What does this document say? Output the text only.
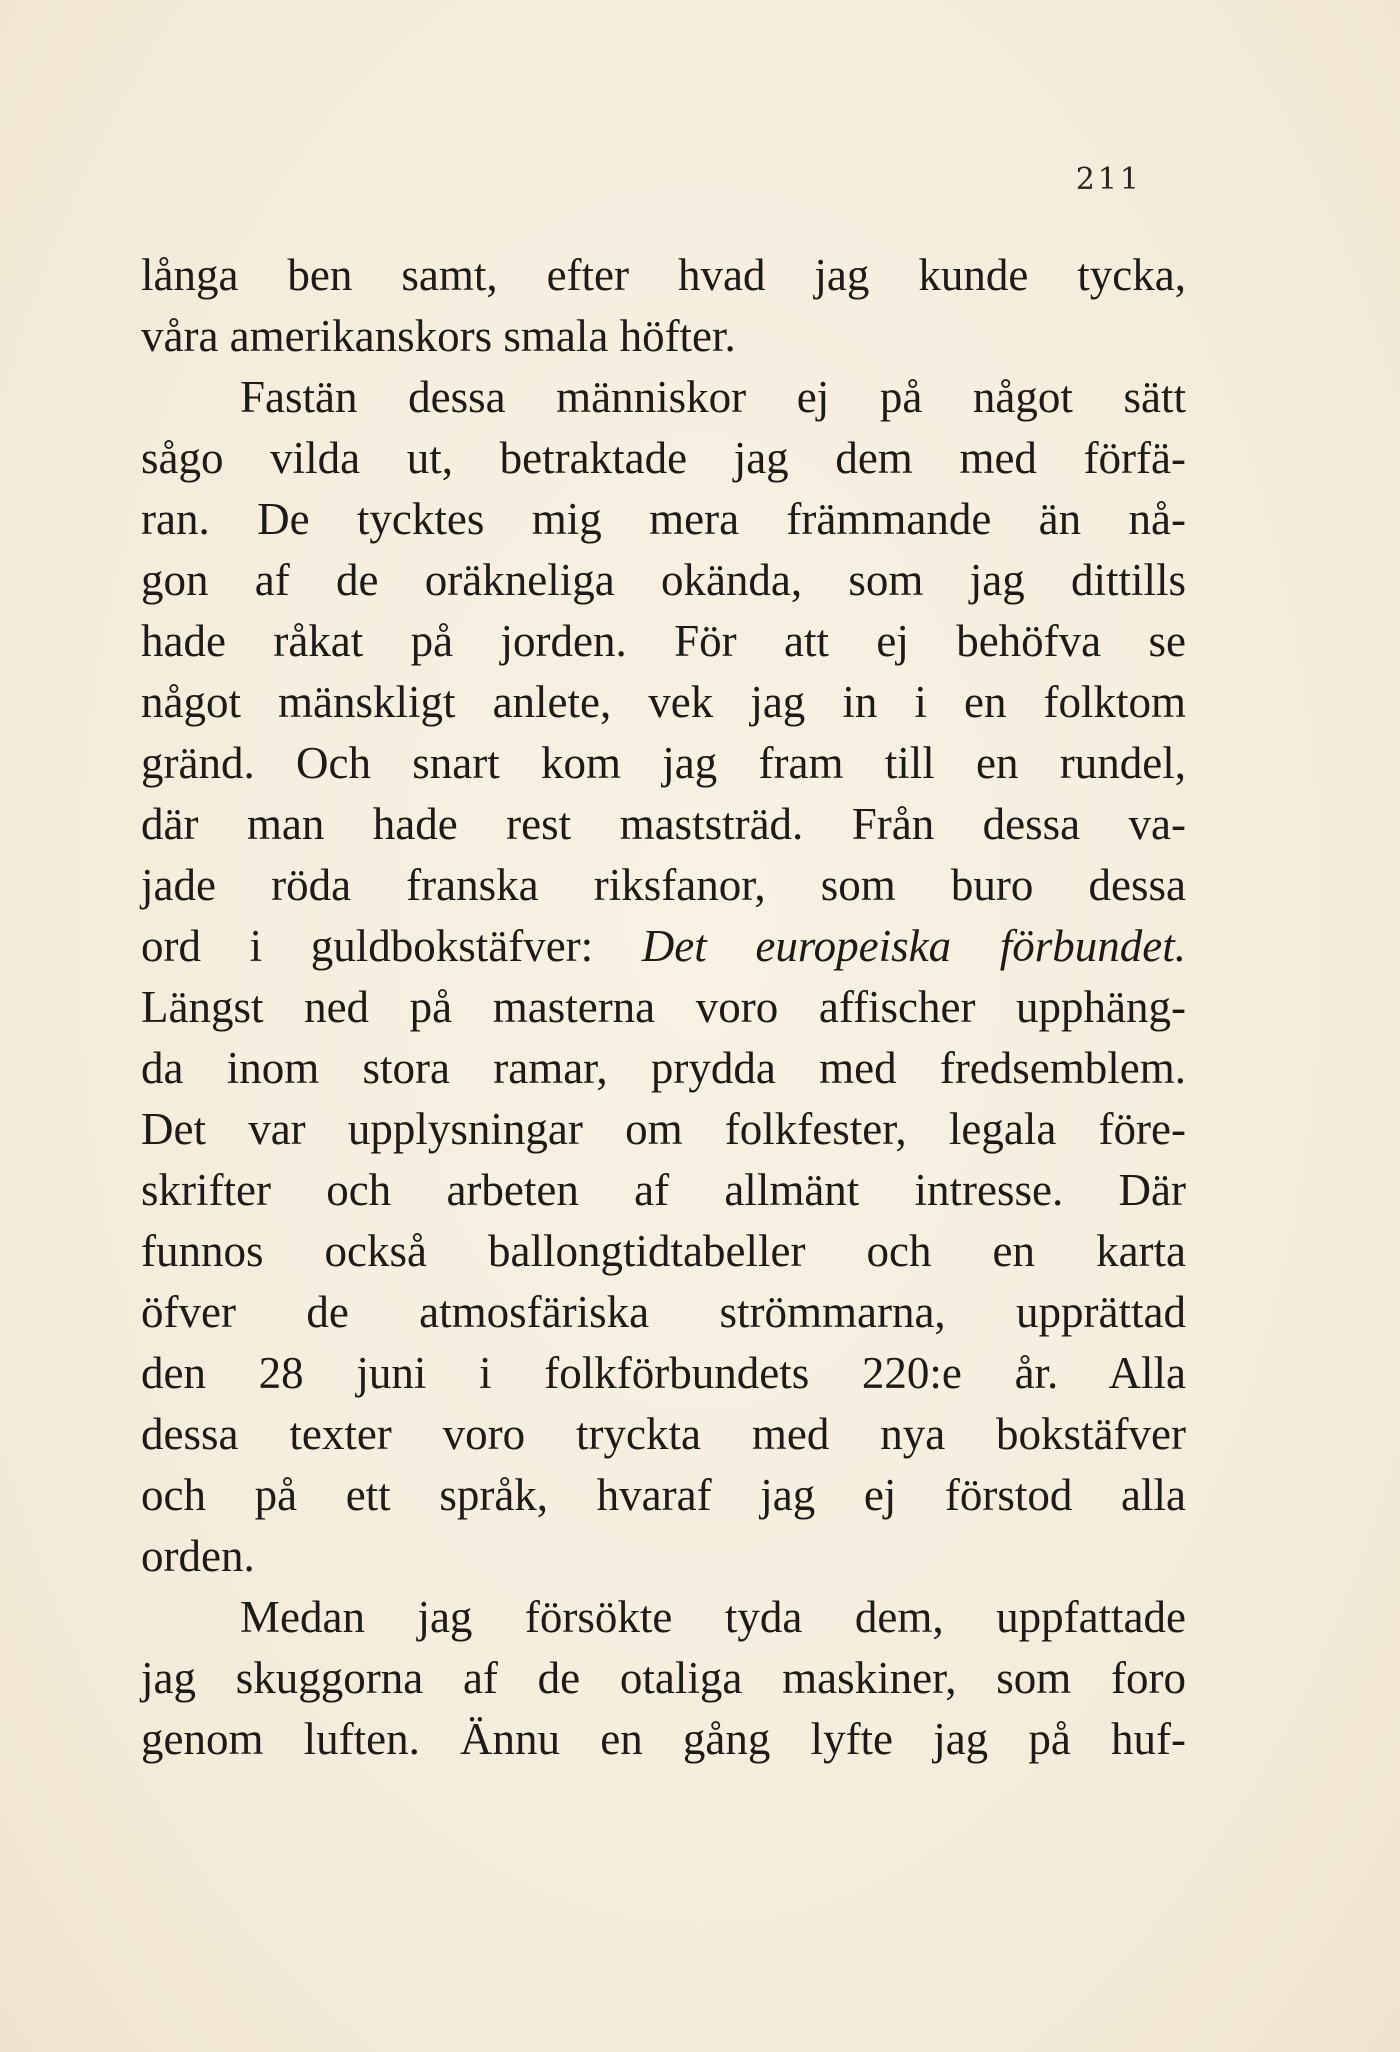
211
långa ben samt, efter hvad jag kunde tycka,
våra amerikanskors smala höfter.
Fastän dessa människor ej på något sätt
sågo vilda ut, betraktade jag dem med förfä-
ran. De tycktes mig mera främmande än nå-
gon af de oräkneliga okända, som jag dittills
hade råkat på jorden. För att ej behöfva se
något mänskligt anlete, vek jag in i en folktom
gränd. Och snart kom jag fram till en rundel,
där man hade rest maststräd. Från dessa va-
jade röda franska riksfanor, som buro dessa
ord i guldbokstäfver: Det europeiska förbundet.
Längst ned på masterna voro affischer upphäng-
da inom stora ramar, prydda med fredsemblem.
Det var upplysningar om folkfester, legala före-
skrifter och arbeten af allmänt intresse. Där
funnos också ballongtidtabeller och en karta
öfver de atmosfäriska strömmarna, upprättad
den 28 juni i folkförbundets 220:e år. Alla
dessa texter voro tryckta med nya bokstäfver
och på ett språk, hvaraf jag ej förstod alla
orden.
Medan jag försökte tyda dem, uppfattade
jag skuggorna af de otaliga maskiner, som foro
genom luften. Ännu en gång lyfte jag på huf-
